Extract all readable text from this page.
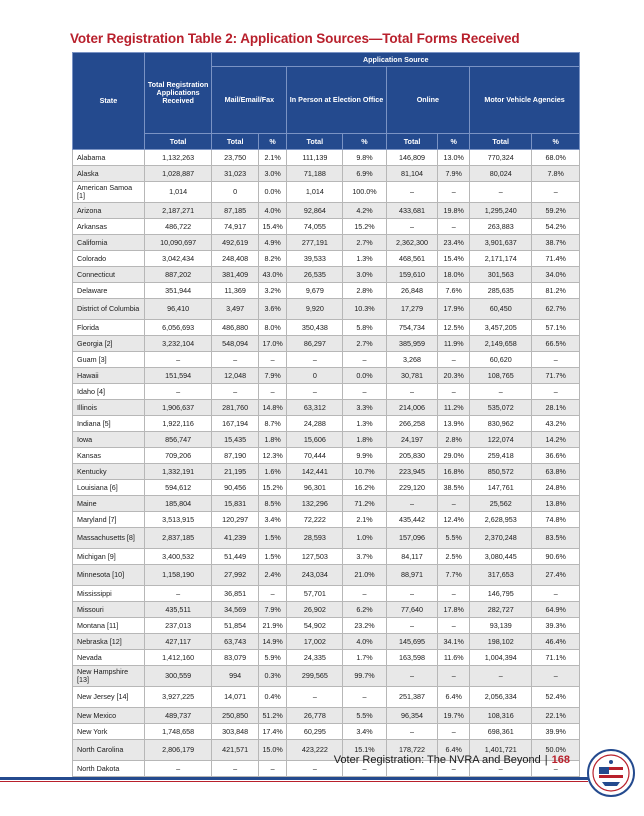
Voter Registration Table 2: Application Sources—Total Forms Received
State	Total Registration Applications Received	Application Source							
		Mail/Email/Fax		In Person at Election Office		Online		Motor Vehicle Agencies	
	Total	Total	%	Total	%	Total	%	Total	%
Alabama	1,132,263	23,750	2.1%	111,139	9.8%	146,809	13.0%	770,324	68.0%
Alaska	1,028,887	31,023	3.0%	71,188	6.9%	81,104	7.9%	80,024	7.8%
American Samoa [1]	1,014	0	0.0%	1,014	100.0%	–	–	–	–
Arizona	2,187,271	87,185	4.0%	92,864	4.2%	433,681	19.8%	1,295,240	59.2%
Arkansas	486,722	74,917	15.4%	74,055	15.2%	–	–	263,883	54.2%
California	10,090,697	492,619	4.9%	277,191	2.7%	2,362,300	23.4%	3,901,637	38.7%
Colorado	3,042,434	248,408	8.2%	39,533	1.3%	468,561	15.4%	2,171,174	71.4%
Connecticut	887,202	381,409	43.0%	26,535	3.0%	159,610	18.0%	301,563	34.0%
Delaware	351,944	11,369	3.2%	9,679	2.8%	26,848	7.6%	285,635	81.2%
District of Columbia	96,410	3,497	3.6%	9,920	10.3%	17,279	17.9%	60,450	62.7%
Florida	6,056,693	486,880	8.0%	350,438	5.8%	754,734	12.5%	3,457,205	57.1%
Georgia [2]	3,232,104	548,094	17.0%	86,297	2.7%	385,959	11.9%	2,149,658	66.5%
Guam [3]	–	–	–	–	–	3,268	–	60,620	–
Hawaii	151,594	12,048	7.9%	0	0.0%	30,781	20.3%	108,765	71.7%
Idaho [4]	–	–	–	–	–	–	–	–	–
Illinois	1,906,637	281,760	14.8%	63,312	3.3%	214,006	11.2%	535,072	28.1%
Indiana [5]	1,922,116	167,194	8.7%	24,288	1.3%	266,258	13.9%	830,962	43.2%
Iowa	856,747	15,435	1.8%	15,606	1.8%	24,197	2.8%	122,074	14.2%
Kansas	709,206	87,190	12.3%	70,444	9.9%	205,830	29.0%	259,418	36.6%
Kentucky	1,332,191	21,195	1.6%	142,441	10.7%	223,945	16.8%	850,572	63.8%
Louisiana [6]	594,612	90,456	15.2%	96,301	16.2%	229,120	38.5%	147,761	24.8%
Maine	185,804	15,831	8.5%	132,296	71.2%	–	–	25,562	13.8%
Maryland [7]	3,513,915	120,297	3.4%	72,222	2.1%	435,442	12.4%	2,628,953	74.8%
Massachusetts [8]	2,837,185	41,239	1.5%	28,593	1.0%	157,096	5.5%	2,370,248	83.5%
Michigan [9]	3,400,532	51,449	1.5%	127,503	3.7%	84,117	2.5%	3,080,445	90.6%
Minnesota [10]	1,158,190	27,992	2.4%	243,034	21.0%	88,971	7.7%	317,653	27.4%
Mississippi	–	36,851	–	57,701	–	–	–	146,795	–
Missouri	435,511	34,569	7.9%	26,902	6.2%	77,640	17.8%	282,727	64.9%
Montana [11]	237,013	51,854	21.9%	54,902	23.2%	–	–	93,139	39.3%
Nebraska [12]	427,117	63,743	14.9%	17,002	4.0%	145,695	34.1%	198,102	46.4%
Nevada	1,412,160	83,079	5.9%	24,335	1.7%	163,598	11.6%	1,004,394	71.1%
New Hampshire [13]	300,559	994	0.3%	299,565	99.7%	–	–	–	–
New Jersey [14]	3,927,225	14,071	0.4%	–	–	251,387	6.4%	2,056,334	52.4%
New Mexico	489,737	250,850	51.2%	26,778	5.5%	96,354	19.7%	108,316	22.1%
New York	1,748,658	303,848	17.4%	60,295	3.4%	–	–	698,361	39.9%
North Carolina	2,806,179	421,571	15.0%	423,222	15.1%	178,722	6.4%	1,401,721	50.0%
North Dakota	–	–	–	–	–	–	–	–	–
Voter Registration: The NVRA and Beyond | 168
